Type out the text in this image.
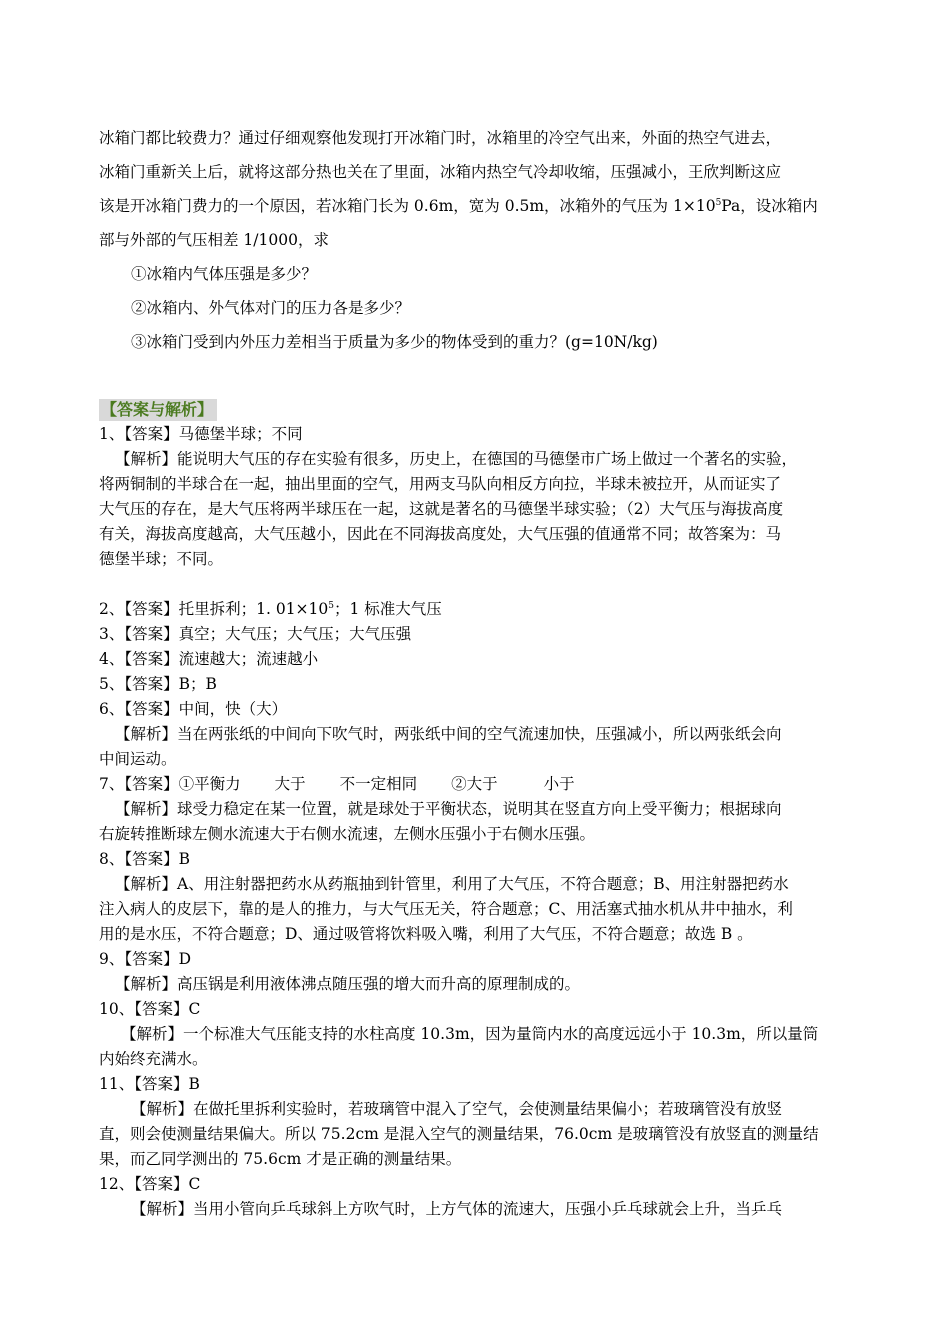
冰箱门都比较费力？通过仔细观察他发现打开冰箱门时，冰箱里的冷空气出来，外面的热空气进去，

冰箱门重新关上后，就将这部分热也关在了里面，冰箱内热空气冷却收缩，压强减小，王欣判断这应

该是开冰箱门费力的一个原因，若冰箱门长为 0.6m，宽为 0.5m，冰箱外的气压为 $1\times 10^5Pa$，设冰箱内

部与外部的气压相差 1/1000，求

①冰箱内气体压强是多少？

②冰箱内、外气体对门的压力各是多少？

③冰箱门受到内外压力差相当于质量为多少的物体受到的重力？(g=10N/kg)

【答案与解析】
1、【答案】马德堡半球；不同
【解析】能说明大气压的存在实验有很多，历史上，在德国的马德堡市广场上做过一个著名的实验，
将两铜制的半球合在一起，抽出里面的空气，用两支马队向相反方向拉，半球未被拉开，从而证实了
大气压的存在，是大气压将两半球压在一起，这就是著名的马德堡半球实验；（2）大气压与海拔高度
有关，海拔高度越高，大气压越小，因此在不同海拔高度处，大气压强的值通常不同；故答案为：马
德堡半球；不同。
2、【答案】托里拆利；1. $01\times 10^5$；1 标准大气压
3、【答案】真空；大气压；大气压；大气压强
4、【答案】流速越大；流速越小
5、【答案】B；B
6、【答案】中间，快（大）
【解析】当在两张纸的中间向下吹气时，两张纸中间的空气流速加快，压强减小，所以两张纸会向
中间运动。
7、【答案】①平衡力 大于 不一定相同 ②大于	小于
【解析】球受力稳定在某一位置，就是球处于平衡状态，说明其在竖直方向上受平衡力；根据球向
右旋转推断球左侧水流速大于右侧水流速，左侧水压强小于右侧水压强。
8、【答案】B
【解析】A、用注射器把药水从药瓶抽到针管里，利用了大气压，不符合题意；B、用注射器把药水
注入病人的皮层下，靠的是人的推力，与大气压无关，符合题意；C、用活塞式抽水机从井中抽水，利
用的是水压，不符合题意；D、通过吸管将饮料吸入嘴，利用了大气压，不符合题意；故选 B 。
9、【答案】D
【解析】高压锅是利用液体沸点随压强的增大而升高的原理制成的。
10、【答案】C
【解析】一个标准大气压能支持的水柱高度 10.3m，因为量筒内水的高度远远小于 10.3m，所以量筒
内始终充满水。
11、【答案】B
【解析】在做托里拆利实验时，若玻璃管中混入了空气，会使测量结果偏小；若玻璃管没有放竖
直，则会使测量结果偏大。所以 75.2cm 是混入空气的测量结果，76.0cm 是玻璃管没有放竖直的测量结
果，而乙同学测出的 75.6cm 才是正确的测量结果。
12、【答案】C
【解析】当用小管向乒乓球斜上方吹气时，上方气体的流速大，压强小乒乓球就会上升，当乒乓
